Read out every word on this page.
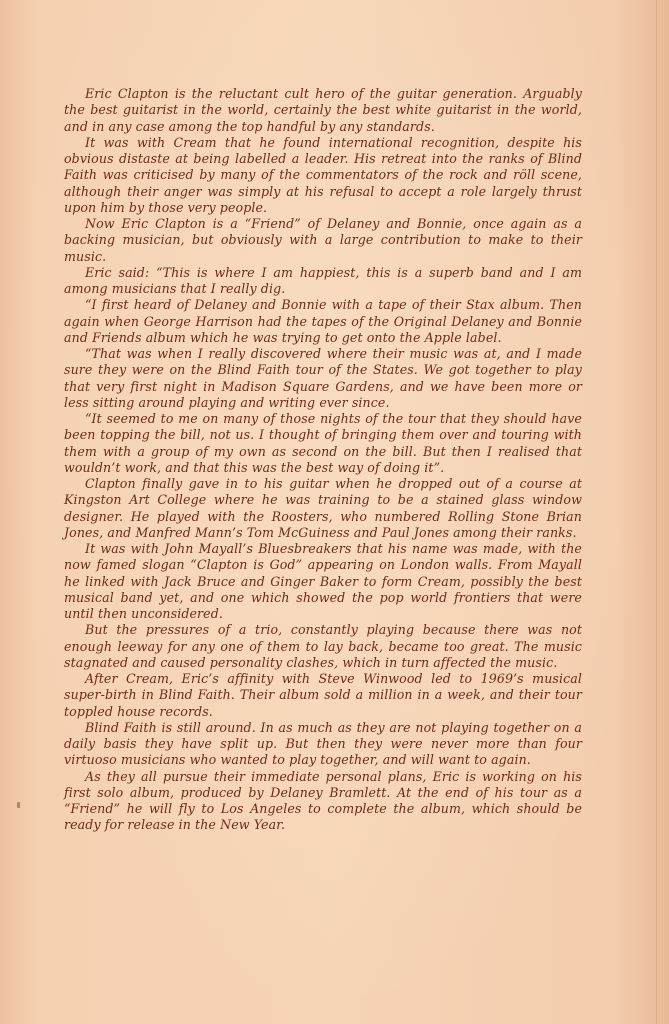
Eric Clapton is the reluctant cult hero of the guitar generation. Arguably the best guitarist in the world, certainly the best white guitarist in the world, and in any case among the top handful by any standards.

It was with Cream that he found international recognition, despite his obvious distaste at being labelled a leader. His retreat into the ranks of Blind Faith was criticised by many of the commentators of the rock and röll scene, although their anger was simply at his refusal to accept a role largely thrust upon him by those very people.

Now Eric Clapton is a “Friend” of Delaney and Bonnie, once again as a backing musician, but obviously with a large contribution to make to their music.

Eric said: “This is where I am happiest, this is a superb band and I am among musicians that I really dig.

“I first heard of Delaney and Bonnie with a tape of their Stax album. Then again when George Harrison had the tapes of the Original Delaney and Bonnie and Friends album which he was trying to get onto the Apple label.

“That was when I really discovered where their music was at, and I made sure they were on the Blind Faith tour of the States. We got together to play that very first night in Madison Square Gardens, and we have been more or less sitting around playing and writing ever since.

“It seemed to me on many of those nights of the tour that they should have been topping the bill, not us. I thought of bringing them over and touring with them with a group of my own as second on the bill. But then I realised that wouldn’t work, and that this was the best way of doing it”.

Clapton finally gave in to his guitar when he dropped out of a course at Kingston Art College where he was training to be a stained glass window designer. He played with the Roosters, who numbered Rolling Stone Brian Jones, and Manfred Mann’s Tom McGuiness and Paul Jones among their ranks.

It was with John Mayall’s Bluesbreakers that his name was made, with the now famed slogan “Clapton is God” appearing on London walls. From Mayall he linked with Jack Bruce and Ginger Baker to form Cream, possibly the best musical band yet, and one which showed the pop world frontiers that were until then unconsidered.

But the pressures of a trio, constantly playing because there was not enough leeway for any one of them to lay back, became too great. The music stagnated and caused personality clashes, which in turn affected the music.

After Cream, Eric’s affinity with Steve Winwood led to 1969’s musical super-birth in Blind Faith. Their album sold a million in a week, and their tour toppled house records.

Blind Faith is still around. In as much as they are not playing together on a daily basis they have split up. But then they were never more than four virtuoso musicians who wanted to play together, and will want to again.

As they all pursue their immediate personal plans, Eric is working on his first solo album, produced by Delaney Bramlett. At the end of his tour as a “Friend” he will fly to Los Angeles to complete the album, which should be ready for release in the New Year.
